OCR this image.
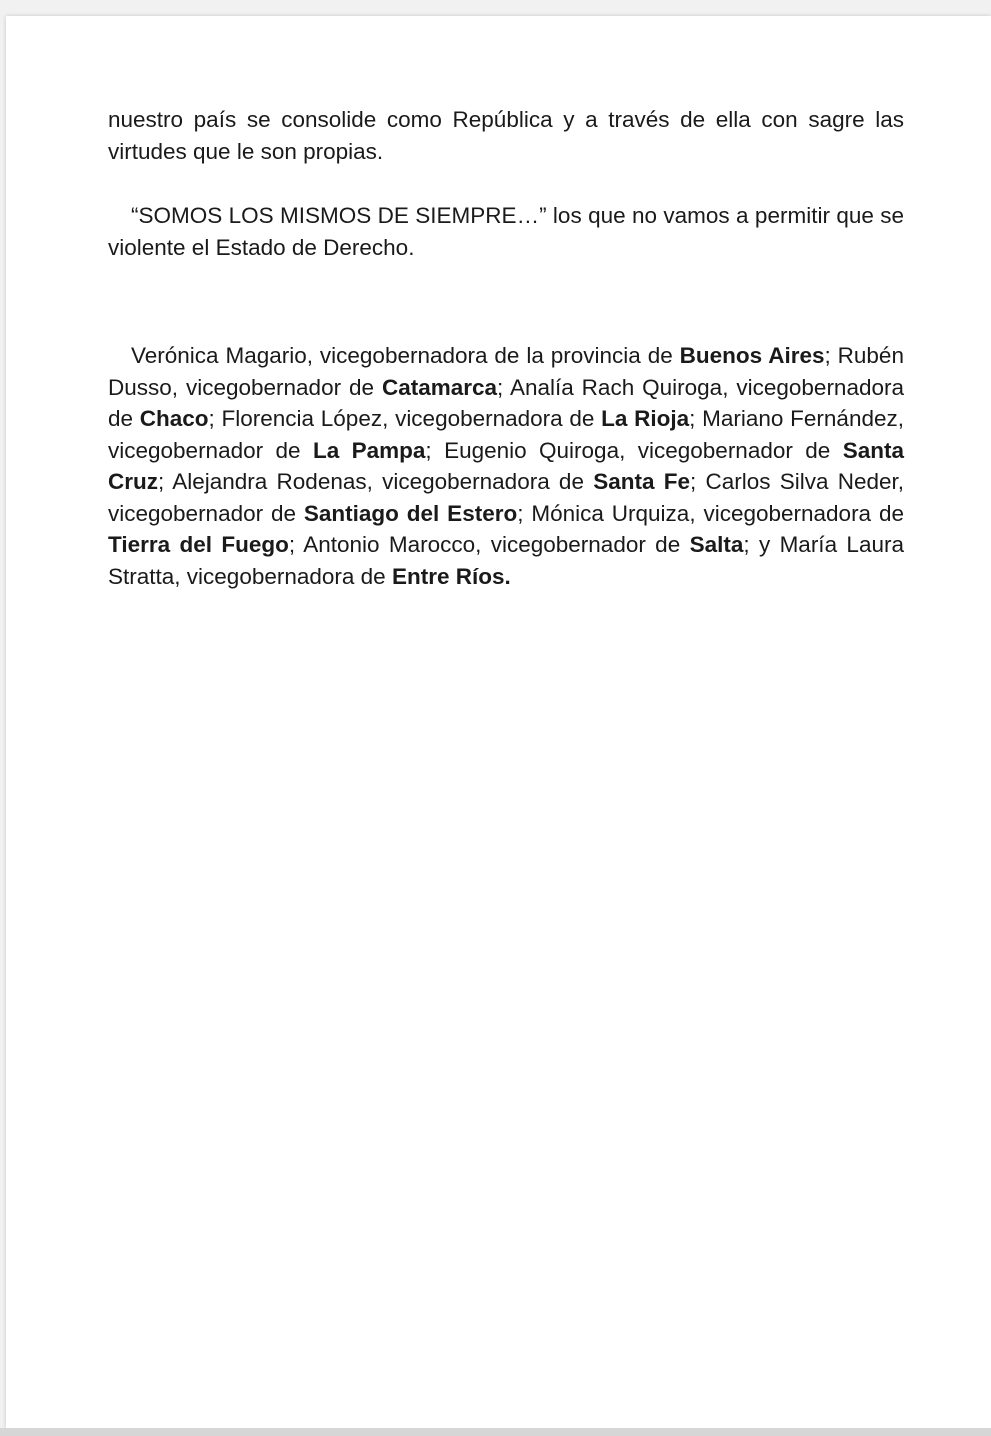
nuestro país se consolide como República y a través de ella con sagre las virtudes que le son propias.

“SOMOS LOS MISMOS DE SIEMPRE…” los que no vamos a permitir que se violente el Estado de Derecho.

Verónica Magario, vicegobernadora de la provincia de Buenos Aires; Rubén Dusso, vicegobernador de Catamarca; Analía Rach Quiroga, vicegobernadora de Chaco; Florencia López, vicegobernadora de La Rioja; Mariano Fernández, vicegobernador de La Pampa; Eugenio Quiroga, vicegobernador de Santa Cruz; Alejandra Rodenas, vicegobernadora de Santa Fe; Carlos Silva Neder, vicegobernador de Santiago del Estero; Mónica Urquiza, vicegobernadora de Tierra del Fuego; Antonio Marocco, vicegobernador de Salta; y María Laura Stratta, vicegobernadora de Entre Ríos.
